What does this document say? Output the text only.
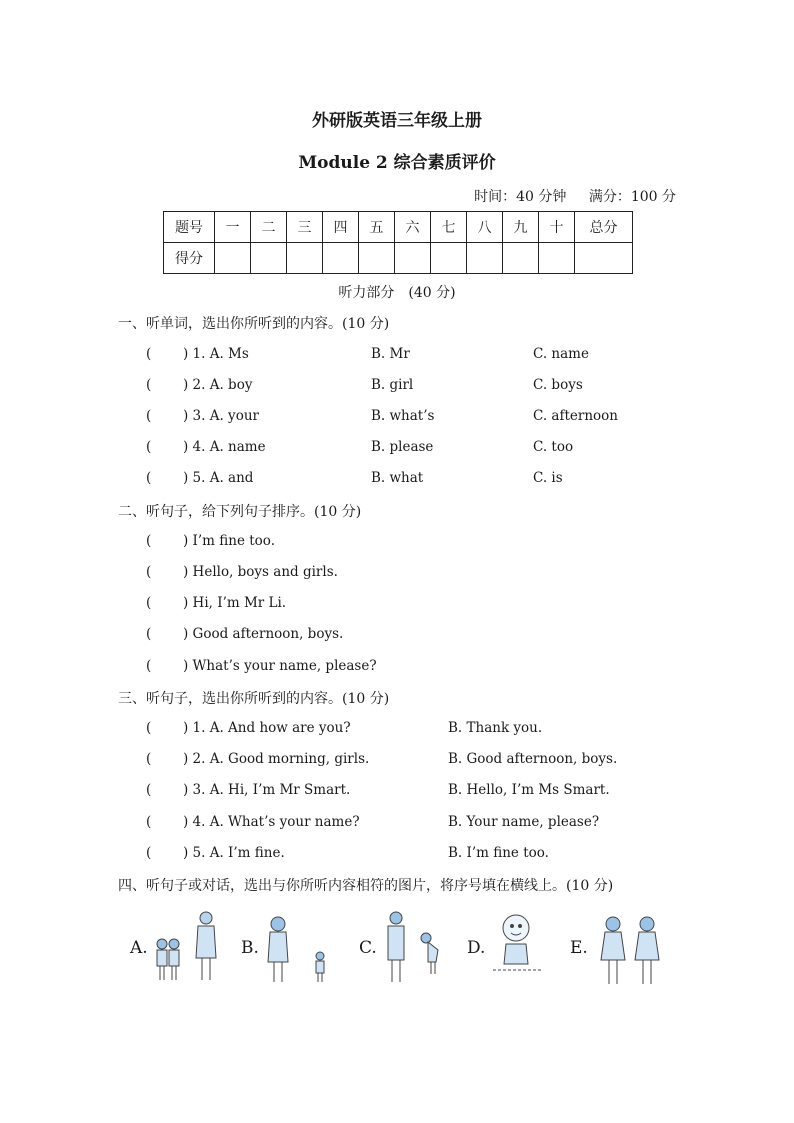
外研版英语三年级上册
Module 2 综合素质评价
时间：40 分钟 满分：100 分
题号	一	二	三	四	五	六	七	八	九	十	总分
得分											
听力部分　(40 分)
一、听单词，选出你所听到的内容。(10 分)
( ) 1. A. Ms	B. Mr	C. name
( ) 2. A. boy	B. girl	C. boys
( ) 3. A. your	B. what’s	C. afternoon
( ) 4. A. name	B. please	C. too
( ) 5. A. and	B. what	C. is
二、听句子，给下列句子排序。(10 分)
( ) I’m fine too.
( ) Hello, boys and girls.
( ) Hi, I’m Mr Li.
( ) Good afternoon, boys.
( ) What’s your name, please?
三、听句子，选出你所听到的内容。(10 分)
( ) 1. A. And how are you?	B. Thank you.
( ) 2. A. Good morning, girls.	B. Good afternoon, boys.
( ) 3. A. Hi, I’m Mr Smart.	B. Hello, I’m Ms Smart.
( ) 4. A. What’s your name?	B. Your name, please?
( ) 5. A. I’m fine.	B. I’m fine too.
四、听句子或对话，选出与你所听内容相符的图片，将序号填在横线上。(10 分)
A.	B.	C.	D.	E.
